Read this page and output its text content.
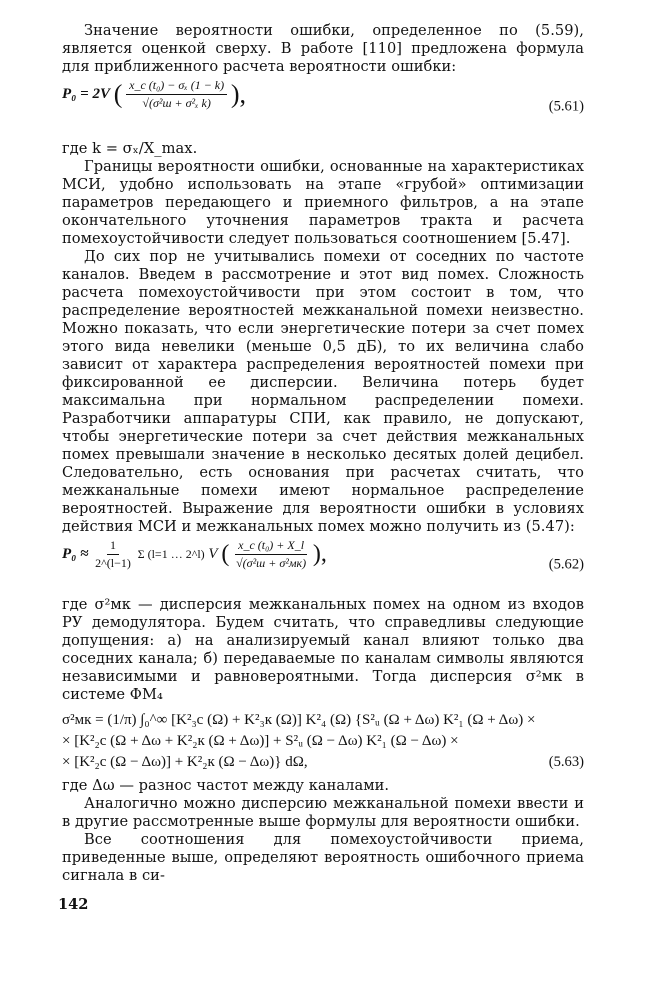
Значение вероятности ошибки, определенное по (5.59), является оценкой сверху. В работе [110] предложена формула для приближенного расчета вероятности ошибки:

P₀ = 2V ( $\frac{\text{x\_c (t₀) − σₓ (1 − k)}}{\text{√(σ²ш + σ²ₓ k)}}$ ),	(5.61)

где k = σₓ/X_max.

Границы вероятности ошибки, основанные на характеристиках МСИ, удобно использовать на этапе «грубой» оптимизации параметров передающего и приемного фильтров, а на этапе окончательного уточнения параметров тракта и расчета помехоустойчивости следует пользоваться соотношением [5.47].

До сих пор не учитывались помехи от соседних по частоте каналов. Введем в рассмотрение и этот вид помех. Сложность расчета помехоустойчивости при этом состоит в том, что распределение вероятностей межканальной помехи неизвестно. Можно показать, что если энергетические потери за счет помех этого вида невелики (меньше 0,5 дБ), то их величина слабо зависит от характера распределения вероятностей помехи при фиксированной ее дисперсии. Величина потерь будет максимальна при нормальном распределении помехи. Разработчики аппаратуры СПИ, как правило, не допускают, чтобы энергетические потери за счет действия межканальных помех превышали значение в несколько десятых долей децибел. Следовательно, есть основания при расчетах считать, что межканальные помехи имеют нормальное распределение вероятностей. Выражение для вероятности ошибки в условиях действия МСИ и межканальных помех можно получить из (5.47):

$P_0 \approx \frac{1}{2\^{}(l-1)}$ Σ (l=1 … 2^l) V ( $\frac{\text{x\_c (t₀) + X\_l}}{\text{√(σ²ш + σ²мк)}}$ ),	(5.62)

где σ²мк — дисперсия межканальных помех на одном из входов РУ демодулятора. Будем считать, что справедливы следующие допущения: а) на анализируемый канал влияют только два соседних канала; б) передаваемые по каналам символы являются независимыми и равновероятными. Тогда дисперсия σ²мк в системе ФМ₄

σ²мк = (1/π) ∫₀^∞ [K²₃c (Ω) + K²₃к (Ω)] K²₄ (Ω) {S²ᵤ (Ω + Δω) K²₁ (Ω + Δω) ×
× [K²₂c (Ω + Δω + K²₂к (Ω + Δω)] + S²ᵤ (Ω − Δω) K²₁ (Ω − Δω) ×
× [K²₂c (Ω − Δω)] + K²₂к (Ω − Δω)} dΩ,	(5.63)

где Δω — разнос частот между каналами.

Аналогично можно дисперсию межканальной помехи ввести и в другие рассмотренные выше формулы для вероятности ошибки.

Все соотношения для помехоустойчивости приема, приведенные выше, определяют вероятность ошибочного приема сигнала в си-

142
